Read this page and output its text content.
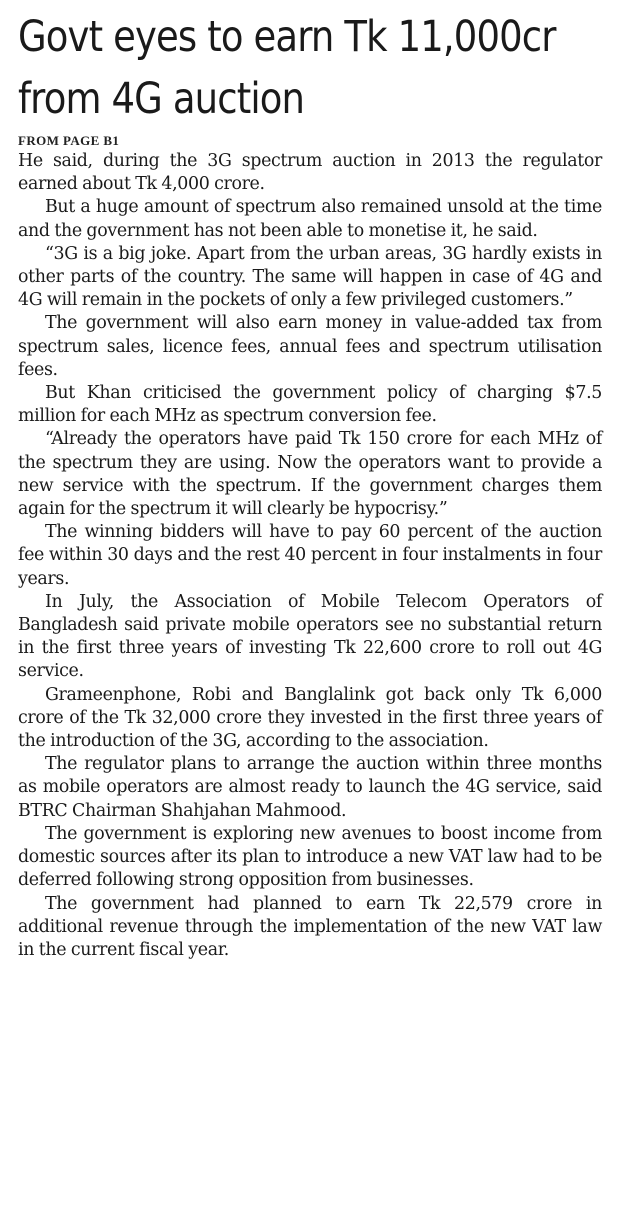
Govt eyes to earn Tk 11,000cr from 4G auction
FROM PAGE B1

He said, during the 3G spectrum auction in 2013 the regulator earned about Tk 4,000 crore.

But a huge amount of spectrum also remained unsold at the time and the government has not been able to monetise it, he said.

“3G is a big joke. Apart from the urban areas, 3G hardly exists in other parts of the country. The same will happen in case of 4G and 4G will remain in the pockets of only a few privileged customers.”

The government will also earn money in value-added tax from spectrum sales, licence fees, annual fees and spectrum utilisation fees.

But Khan criticised the government policy of charging $7.5 million for each MHz as spectrum conversion fee.

“Already the operators have paid Tk 150 crore for each MHz of the spectrum they are using. Now the operators want to provide a new service with the spectrum. If the government charges them again for the spectrum it will clearly be hypocrisy.”

The winning bidders will have to pay 60 percent of the auction fee within 30 days and the rest 40 percent in four instalments in four years.

In July, the Association of Mobile Telecom Operators of Bangladesh said private mobile operators see no substantial return in the first three years of investing Tk 22,600 crore to roll out 4G service.

Grameenphone, Robi and Banglalink got back only Tk 6,000 crore of the Tk 32,000 crore they invested in the first three years of the introduction of the 3G, according to the association.

The regulator plans to arrange the auction within three months as mobile operators are almost ready to launch the 4G service, said BTRC Chairman Shahjahan Mahmood.

The government is exploring new avenues to boost income from domestic sources after its plan to introduce a new VAT law had to be deferred following strong opposition from businesses.

The government had planned to earn Tk 22,579 crore in additional revenue through the implementation of the new VAT law in the current fiscal year.
